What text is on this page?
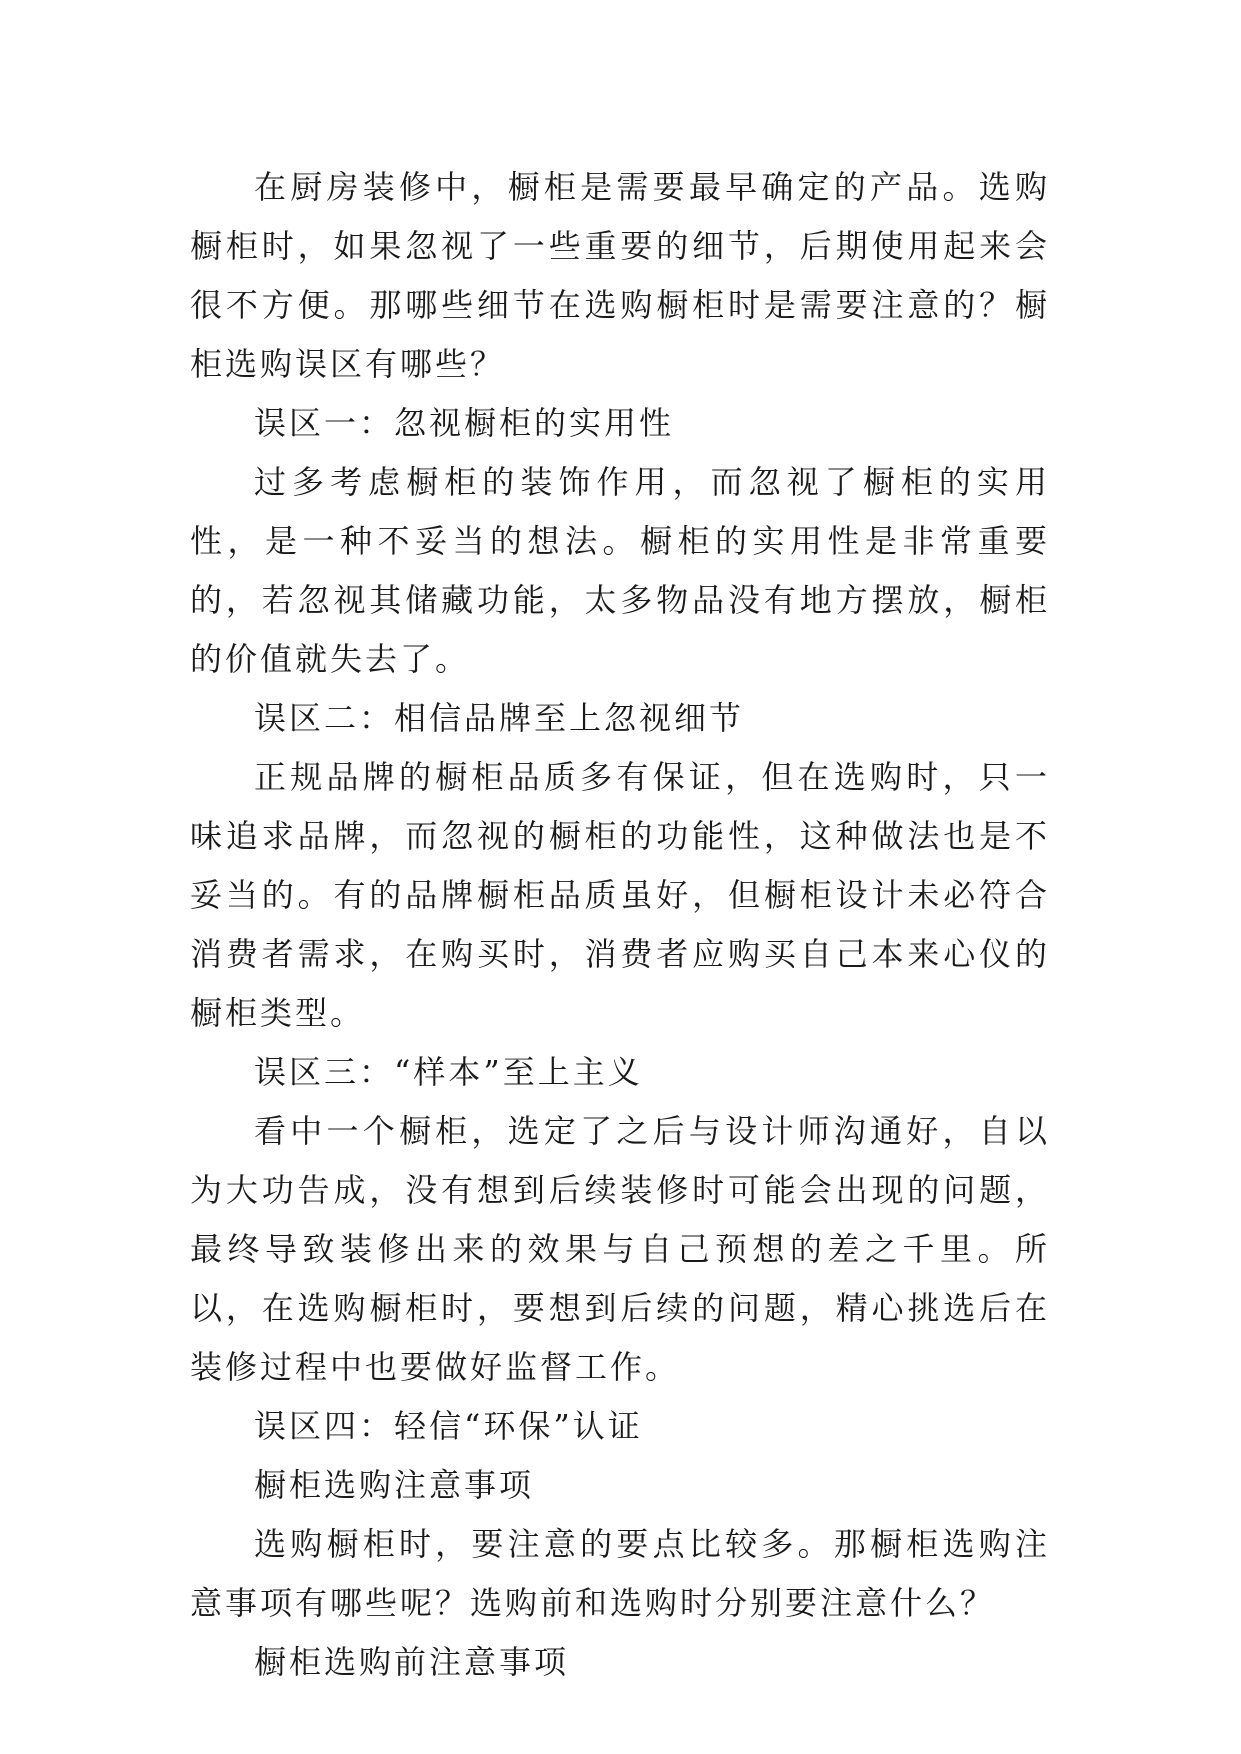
在厨房装修中，橱柜是需要最早确定的产品。选购橱柜时，如果忽视了一些重要的细节，后期使用起来会很不方便。那哪些细节在选购橱柜时是需要注意的？橱柜选购误区有哪些？

误区一：忽视橱柜的实用性

过多考虑橱柜的装饰作用，而忽视了橱柜的实用性，是一种不妥当的想法。橱柜的实用性是非常重要的，若忽视其储藏功能，太多物品没有地方摆放，橱柜的价值就失去了。

误区二：相信品牌至上忽视细节

正规品牌的橱柜品质多有保证，但在选购时，只一味追求品牌，而忽视的橱柜的功能性，这种做法也是不妥当的。有的品牌橱柜品质虽好，但橱柜设计未必符合消费者需求，在购买时，消费者应购买自己本来心仪的橱柜类型。

误区三：“样本”至上主义

看中一个橱柜，选定了之后与设计师沟通好，自以为大功告成，没有想到后续装修时可能会出现的问题，最终导致装修出来的效果与自己预想的差之千里。所以，在选购橱柜时，要想到后续的问题，精心挑选后在装修过程中也要做好监督工作。

误区四：轻信“环保”认证

橱柜选购注意事项

选购橱柜时，要注意的要点比较多。那橱柜选购注意事项有哪些呢？选购前和选购时分别要注意什么？

橱柜选购前注意事项
